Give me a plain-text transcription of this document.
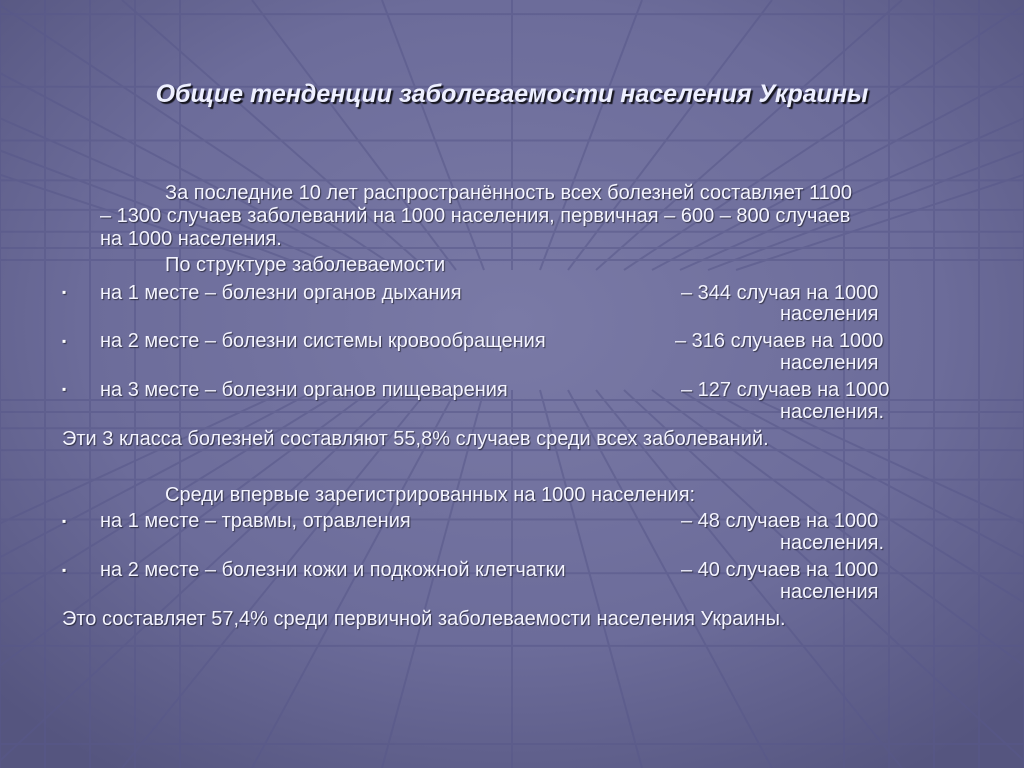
Общие тенденции заболеваемости населения Украины
За последние 10 лет распространённость всех болезней составляет 1100
– 1300 случаев заболеваний на 1000 населения, первичная – 600 – 800 случаев
на 1000 населения.
По структуре заболеваемости
▪ на 1 месте – болезни органов дыхания	– 344 случая на 1000
населения
▪ на 2 месте – болезни системы кровообращения	– 316 случаев на 1000
населения
▪ на 3 месте – болезни органов пищеварения	– 127 случаев на 1000
населения.
Эти 3 класса болезней составляют 55,8% случаев среди всех заболеваний.
Среди впервые зарегистрированных на 1000 населения:
▪ на 1 месте – травмы, отравления	– 48 случаев на 1000
населения.
▪ на 2 месте – болезни кожи и подкожной клетчатки	– 40 случаев на 1000
населения
Это составляет 57,4% среди первичной заболеваемости населения Украины.
